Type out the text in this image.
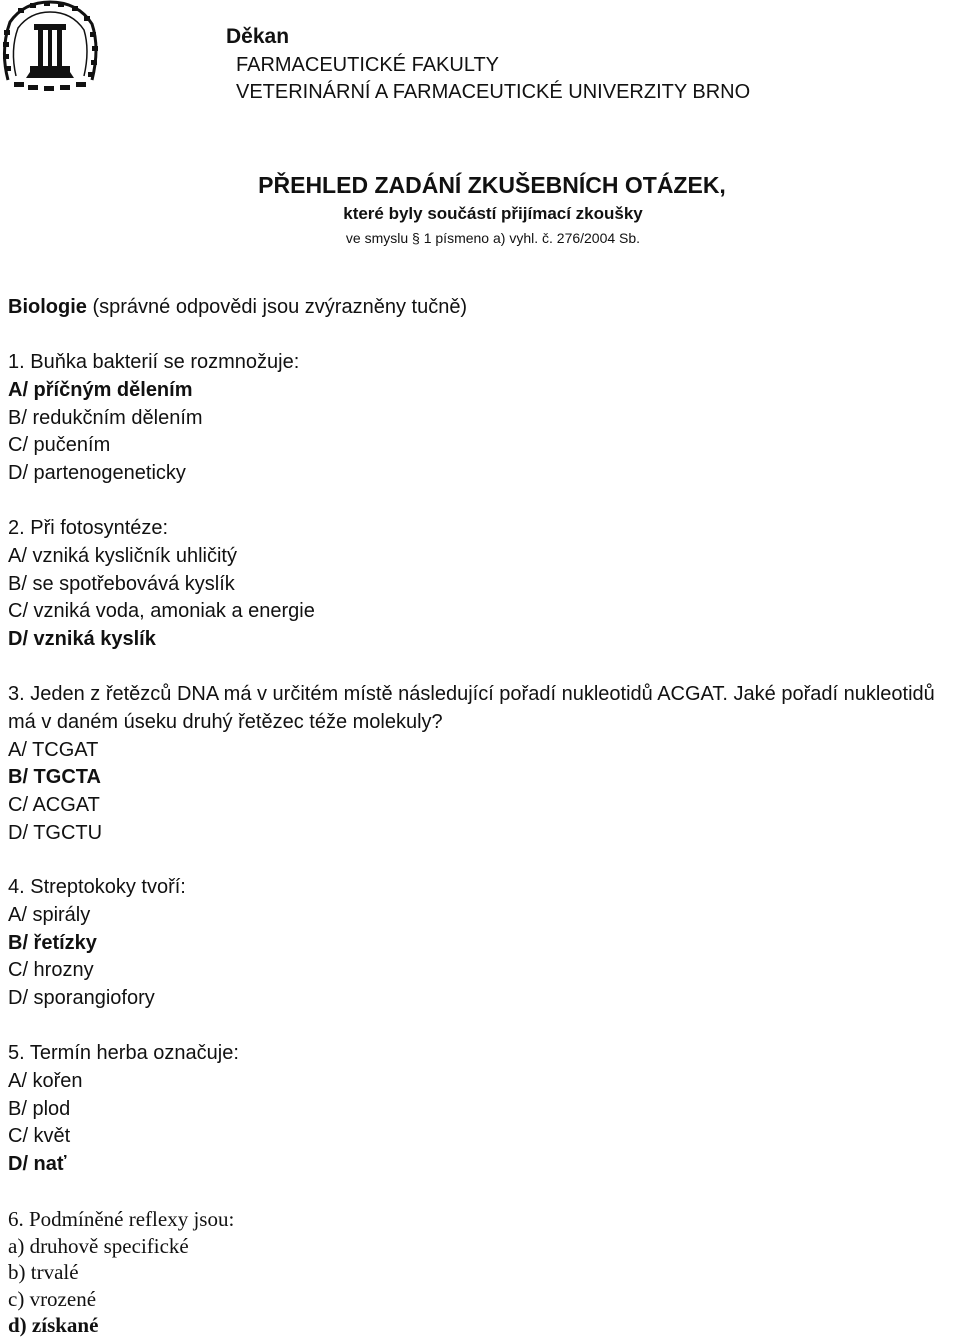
Děkan
FARMACEUTICKÉ FAKULTY
VETERINÁRNÍ A FARMACEUTICKÉ UNIVERZITY BRNO
PŘEHLED ZADÁNÍ ZKUŠEBNÍCH OTÁZEK,
které byly součástí přijímací zkoušky
ve smyslu § 1 písmeno a) vyhl. č. 276/2004 Sb.
Biologie (správné odpovědi jsou zvýrazněny tučně)
1. Buňka bakterií se rozmnožuje:
A/ příčným dělením
B/ redukčním dělením
C/ pučením
D/ partenogeneticky
2. Při fotosyntéze:
A/ vzniká kysličník uhličitý
B/ se spotřebovává kyslík
C/ vzniká voda, amoniak a energie
D/ vzniká kyslík
3. Jeden z řetězců DNA má v určitém místě následující pořadí nukleotidů ACGAT. Jaké pořadí nukleotidů má v daném úseku druhý řetězec téže molekuly?
A/ TCGAT
B/ TGCTA
C/ ACGAT
D/ TGCTU
4. Streptokoky tvoří:
A/ spirály
B/ řetízky
C/ hrozny
D/ sporangiofory
5. Termín herba označuje:
A/ kořen
B/ plod
C/ květ
D/ nať
6. Podmíněné reflexy jsou:
a) druhově specifické
b) trvalé
c) vrozené
d) získané
